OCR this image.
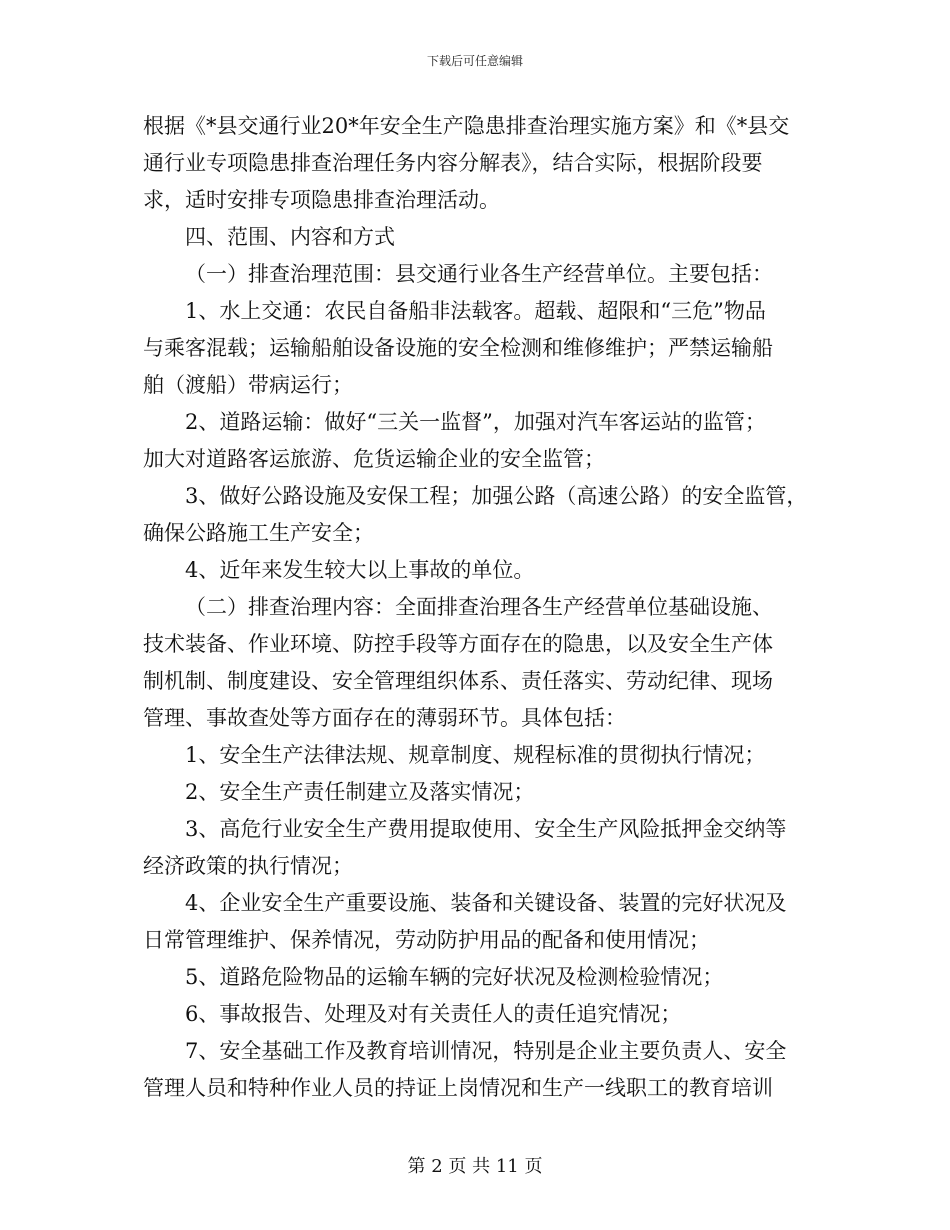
下载后可任意编辑
根据《*县交通行业20*年安全生产隐患排查治理实施方案》和《*县交
通行业专项隐患排查治理任务内容分解表》，结合实际，根据阶段要
求，适时安排专项隐患排查治理活动。
四、范围、内容和方式
（一）排查治理范围：县交通行业各生产经营单位。主要包括：
1、水上交通：农民自备船非法载客。超载、超限和“三危”物品
与乘客混载；运输船舶设备设施的安全检测和维修维护；严禁运输船
舶（渡船）带病运行；
2、道路运输：做好“三关一监督”，加强对汽车客运站的监管；
加大对道路客运旅游、危货运输企业的安全监管；
3、做好公路设施及安保工程；加强公路（高速公路）的安全监管，
确保公路施工生产安全；
4、近年来发生较大以上事故的单位。
（二）排查治理内容：全面排查治理各生产经营单位基础设施、
技术装备、作业环境、防控手段等方面存在的隐患，以及安全生产体
制机制、制度建设、安全管理组织体系、责任落实、劳动纪律、现场
管理、事故查处等方面存在的薄弱环节。具体包括：
1、安全生产法律法规、规章制度、规程标准的贯彻执行情况；
2、安全生产责任制建立及落实情况；
3、高危行业安全生产费用提取使用、安全生产风险抵押金交纳等
经济政策的执行情况；
4、企业安全生产重要设施、装备和关键设备、装置的完好状况及
日常管理维护、保养情况，劳动防护用品的配备和使用情况；
5、道路危险物品的运输车辆的完好状况及检测检验情况；
6、事故报告、处理及对有关责任人的责任追究情况；
7、安全基础工作及教育培训情况，特别是企业主要负责人、安全
管理人员和特种作业人员的持证上岗情况和生产一线职工的教育培训
第 2 页 共 11 页
